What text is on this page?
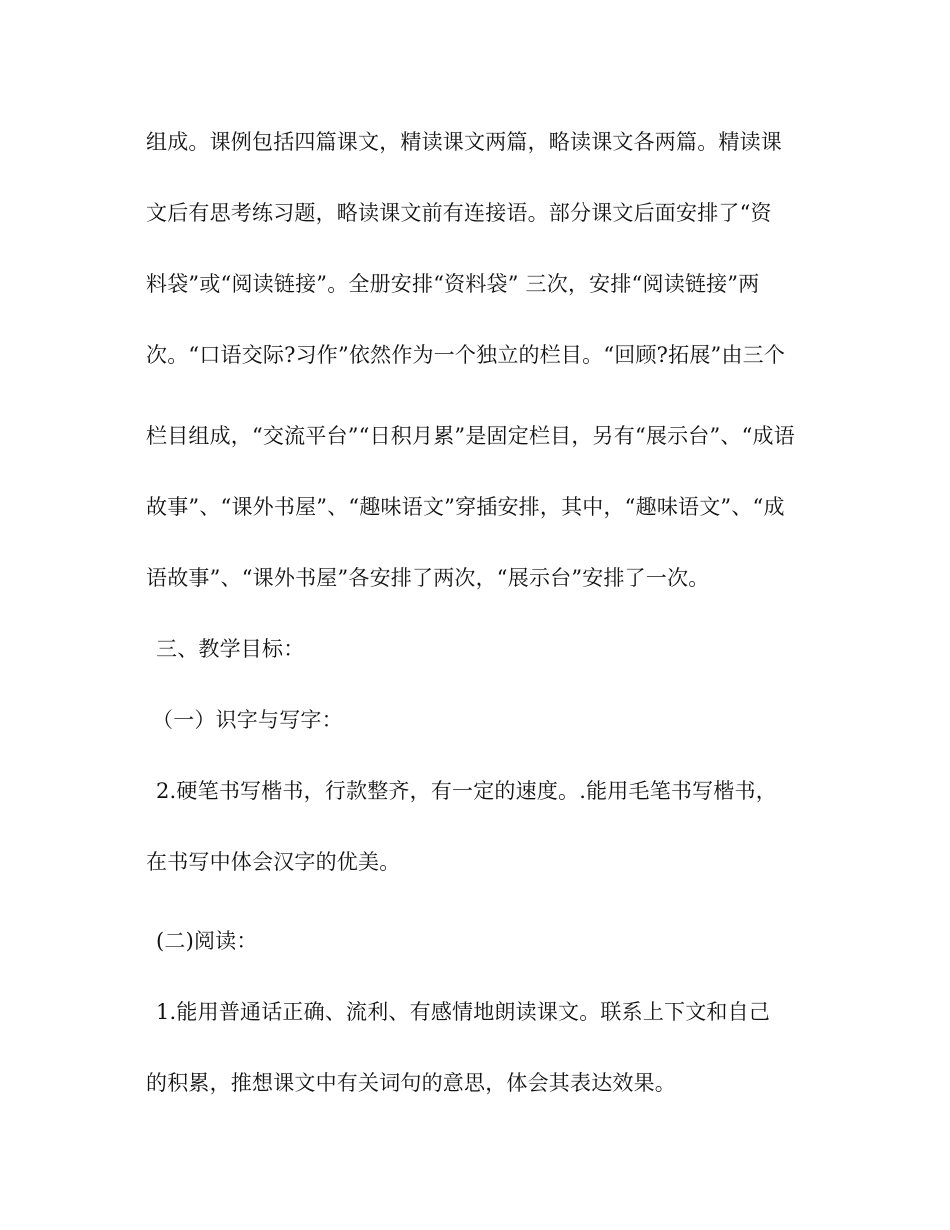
组成。课例包括四篇课文，精读课文两篇，略读课文各两篇。精读课
文后有思考练习题，略读课文前有连接语。部分课文后面安排了“资
料袋”或“阅读链接”。全册安排“资料袋” 三次，安排“阅读链接”两
次。“口语交际?习作”依然作为一个独立的栏目。“回顾?拓展”由三个
栏目组成，“交流平台”“日积月累”是固定栏目，另有“展示台”、“成语
故事”、“课外书屋”、“趣味语文”穿插安排，其中，“趣味语文”、“成
语故事”、“课外书屋”各安排了两次，“展示台”安排了一次。
三、教学目标：
（一）识字与写字：
2.硬笔书写楷书，行款整齐，有一定的速度。.能用毛笔书写楷书，
在书写中体会汉字的优美。
(二)阅读：
1.能用普通话正确、流利、有感情地朗读课文。联系上下文和自己
的积累，推想课文中有关词句的意思，体会其表达效果。
